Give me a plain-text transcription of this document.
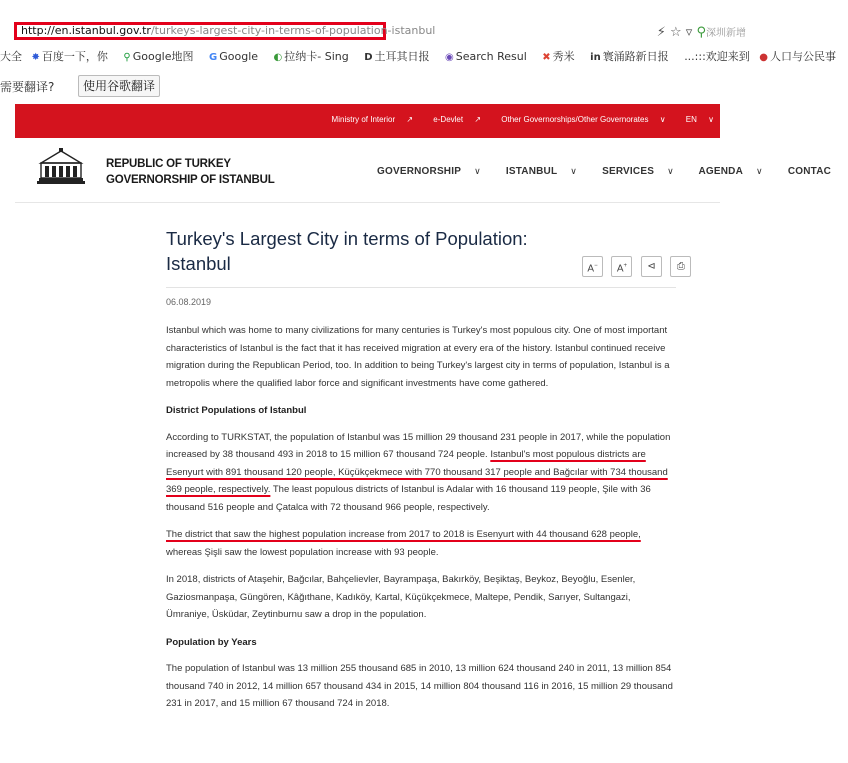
http://en.istanbul.gov.tr/turkeys-largest-city-in-terms-of-population-istanbul	⚡ ☆ ▿ ⚲深圳新增
大全 ✸ 百度一下，你 ⚲ Google地图 G Google ◐ 拉纳卡- Sing D 土耳其日报 ◉ Search Resul ✖ 秀米 in 寰涌路新日报 ...:::欢迎来到 ● 人口与公民事
需要翻译?	使用谷歌翻译
Ministry of Interior ↗	e-Devlet ↗	Other Governorships/Other Governorates ∨	EN ∨
REPUBLIC OF TURKEY
GOVERNORSHIP OF ISTANBUL
GOVERNORSHIP ∨ ISTANBUL ∨ SERVICES ∨ AGENDA ∨ CONTAC
Turkey's Largest City in terms of Population: Istanbul	A− A+ ⊲ ⎙
06.08.2019

Istanbul which was home to many civilizations for many centuries is Turkey's most populous city. One of most important characteristics of Istanbul is the fact that it has received migration at every era of the history. Istanbul continued receive migration during the Republican Period, too. In addition to being Turkey's largest city in terms of population, Istanbul is a metropolis where the qualified labor force and significant investments have come gathered.

District Populations of Istanbul

According to TURKSTAT, the population of Istanbul was 15 million 29 thousand 231 people in 2017, while the population increased by 38 thousand 493 in 2018 to 15 million 67 thousand 724 people. Istanbul's most populous districts are Esenyurt with 891 thousand 120 people, Küçükçekmece with 770 thousand 317 people and Bağcılar with 734 thousand 369 people, respectively. The least populous districts of Istanbul is Adalar with 16 thousand 119 people, Şile with 36 thousand 516 people and Çatalca with 72 thousand 966 people, respectively.

The district that saw the highest population increase from 2017 to 2018 is Esenyurt with 44 thousand 628 people, whereas Şişli saw the lowest population increase with 93 people.

In 2018, districts of Ataşehir, Bağcılar, Bahçelievler, Bayrampaşa, Bakırköy, Beşiktaş, Beykoz, Beyoğlu, Esenler, Gaziosmanpaşa, Güngören, Kâğıthane, Kadıköy, Kartal, Küçükçekmece, Maltepe, Pendik, Sarıyer, Sultangazi, Ümraniye, Üsküdar, Zeytinburnu saw a drop in the population.

Population by Years

The population of Istanbul was 13 million 255 thousand 685 in 2010, 13 million 624 thousand 240 in 2011, 13 million 854 thousand 740 in 2012, 14 million 657 thousand 434 in 2015, 14 million 804 thousand 116 in 2016, 15 million 29 thousand 231 in 2017, and 15 million 67 thousand 724 in 2018.
